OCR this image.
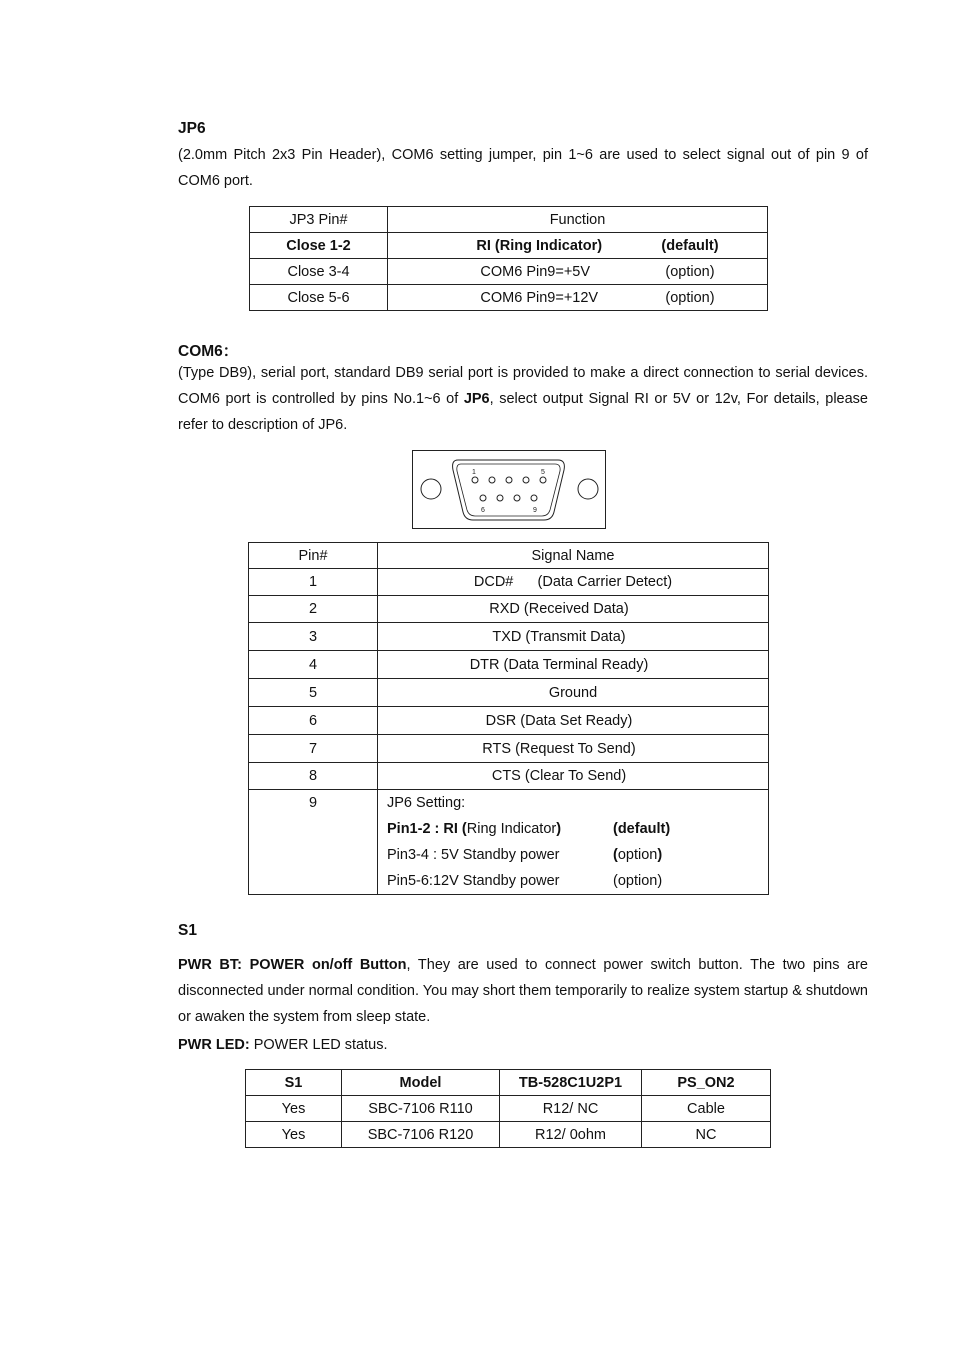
JP6
(2.0mm Pitch 2x3 Pin Header), COM6 setting jumper, pin 1~6 are used to select signal out of pin 9 of COM6 port.
JP3 Pin#	Function
Close 1-2	RI (Ring Indicator) (default)
Close 3-4	COM6 Pin9=+5V (option)
Close 5-6	COM6 Pin9=+12V (option)
COM6：
(Type DB9), serial port, standard DB9 serial port is provided to make a direct connection to serial devices. COM6 port is controlled by pins No.1~6 of JP6, select output Signal RI or 5V or 12v, For details, please refer to description of JP6.
1	5
6	9
Pin#	Signal Name
1	DCD#      (Data Carrier Detect)
2	RXD (Received Data)
3	TXD (Transmit Data)
4	DTR (Data Terminal Ready)
5	Ground
6	DSR (Data Set Ready)
7	RTS (Request To Send)
8	CTS (Clear To Send)
9	JP6 Setting:
Pin1-2 : RI (Ring Indicator) (default)
Pin3-4 : 5V Standby power (option)
Pin5-6:12V Standby power (option)
S1
PWR BT: POWER on/off Button, They are used to connect power switch button. The two pins are disconnected under normal condition. You may short them temporarily to realize system startup & shutdown or awaken the system from sleep state.
PWR LED: POWER LED status.
S1	Model	TB-528C1U2P1	PS_ON2
Yes	SBC-7106 R110	R12/ NC	Cable
Yes	SBC-7106 R120	R12/ 0ohm	NC
